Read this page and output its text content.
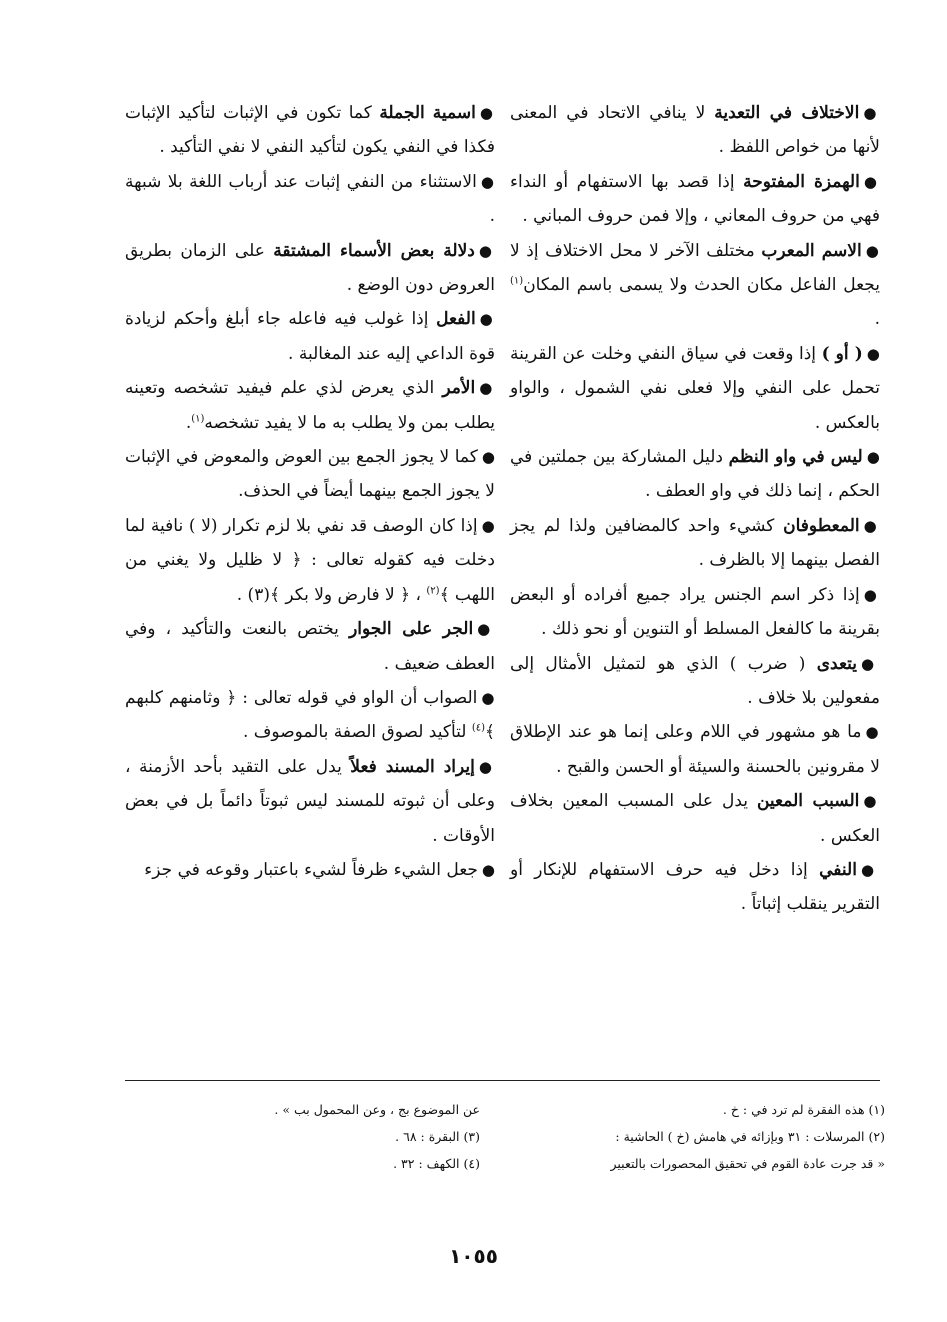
●الاختلاف في التعدية لا ينافي الاتحاد في المعنى لأنها من خواص اللفظ .

●الهمزة المفتوحة إذا قصد بها الاستفهام أو النداء فهي من حروف المعاني ، وإلا فمن حروف المباني .

●الاسم المعرب مختلف الآخر لا محل الاختلاف إذ لا يجعل الفاعل مكان الحدث ولا يسمى باسم المكان$^{(١)}$ .

●( أو ) إذا وقعت في سياق النفي وخلت عن القرينة تحمل على النفي وإلا فعلى نفي الشمول ، والواو بالعكس .

●ليس في واو النظم دليل المشاركة بين جملتين في الحكم ، إنما ذلك في واو العطف .

●المعطوفان كشيء واحد كالمضافين ولذا لم يجز الفصل بينهما إلا بالظرف .

●إذا ذكر اسم الجنس يراد جميع أفراده أو البعض بقرينة ما كالفعل المسلط أو التنوين أو نحو ذلك .

●يتعدى ( ضرب ) الذي هو لتمثيل الأمثال إلى مفعولين بلا خلاف .

●ما هو مشهور في اللام وعلى إنما هو عند الإطلاق لا مقرونين بالحسنة والسيئة أو الحسن والقبح .

●السبب المعين يدل على المسبب المعين بخلاف العكس .

●النفي إذا دخل فيه حرف الاستفهام للإنكار أو التقرير ينقلب إثباتاً .

●اسمية الجملة كما تكون في الإثبات لتأكيد الإثبات فكذا في النفي يكون لتأكيد النفي لا نفي التأكيد .

●الاستثناء من النفي إثبات عند أرباب اللغة بلا شبهة .

●دلالة بعض الأسماء المشتقة على الزمان بطريق العروض دون الوضع .

●الفعل إذا غولب فيه فاعله جاء أبلغ وأحكم لزيادة قوة الداعي إليه عند المغالبة .

●الأمر الذي يعرض لذي علم فيفيد تشخصه وتعينه يطلب بمن ولا يطلب به ما لا يفيد تشخصه$^{(١)}$.

●كما لا يجوز الجمع بين العوض والمعوض في الإثبات لا يجوز الجمع بينهما أيضاً في الحذف.

●إذا كان الوصف قد نفي بلا لزم تكرار (لا ) نافية لما دخلت فيه كقوله تعالى : ﴿ لا ظليل ولا يغني من اللهب ﴾$^{(٢)}$ ، ﴿ لا فارض ولا بكر ﴾(٣) .

●الجر على الجوار يختص بالنعت والتأكيد ، وفي العطف ضعيف .

●الصواب أن الواو في قوله تعالى : ﴿ وثامنهم كلبهم ﴾$^{(٤)}$ لتأكيد لصوق الصفة بالموصوف .

●إيراد المسند فعلاً يدل على التقيد بأحد الأزمنة ، وعلى أن ثبوته للمسند ليس ثبوتاً دائماً بل في بعض الأوقات .

●جعل الشيء ظرفاً لشيء باعتبار وقوعه في جزء

(١) هذه الفقرة لم ترد في : خ .

(٢) المرسلات : ٣١ وبإزائه في هامش (خ ) الحاشية :

« قد جرت عادة القوم في تحقيق المحصورات بالتعبير

عن الموضوع بج ، وعن المحمول بب » .

(٣) البقرة : ٦٨ .

(٤) الكهف : ٣٢ .

١٠٥٥
